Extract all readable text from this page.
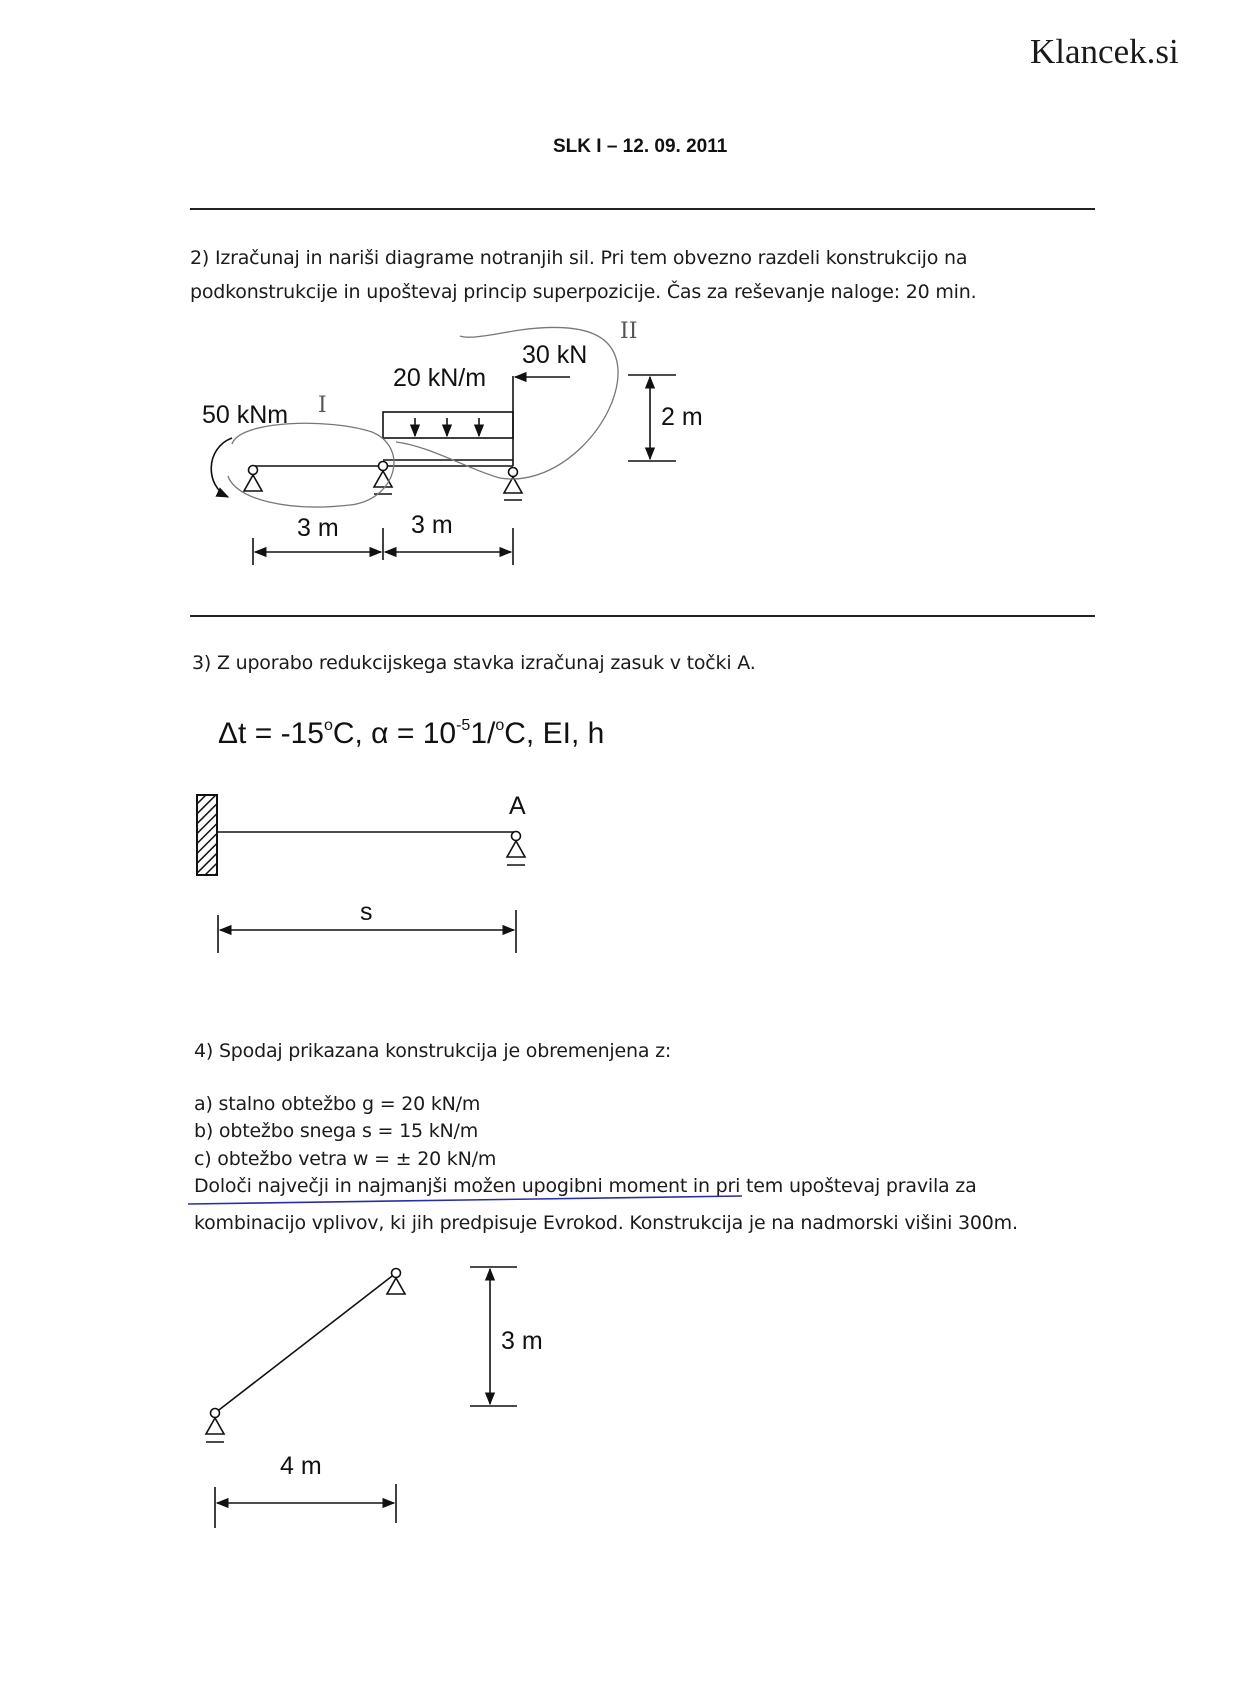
Klancek.si
SLK I – 12. 09. 2011
2) Izračunaj in nariši diagrame notranjih sil. Pri tem obvezno razdeli konstrukcijo na
podkonstrukcije in upoštevaj princip superpozicije. Čas za reševanje naloge: 20 min.
3) Z uporabo redukcijskega stavka izračunaj zasuk v točki A.
4) Spodaj prikazana konstrukcija je obremenjena z:
a) stalno obtežbo g = 20 kN/m
b) obtežbo snega s = 15 kN/m
c) obtežbo vetra w = ± 20 kN/m
Določi največji in najmanjši možen upogibni moment in pri tem upoštevaj pravila za
kombinacijo vplivov, ki jih predpisuje Evrokod. Konstrukcija je na nadmorski višini 300m.
50 kNm
20 kN/m
30 kN
2 m
3 m	3 m
I
II
$\Delta t = -15^oC$, $\alpha = 10^{-5}1/^oC$, EI, h
A
s
3 m
4 m
